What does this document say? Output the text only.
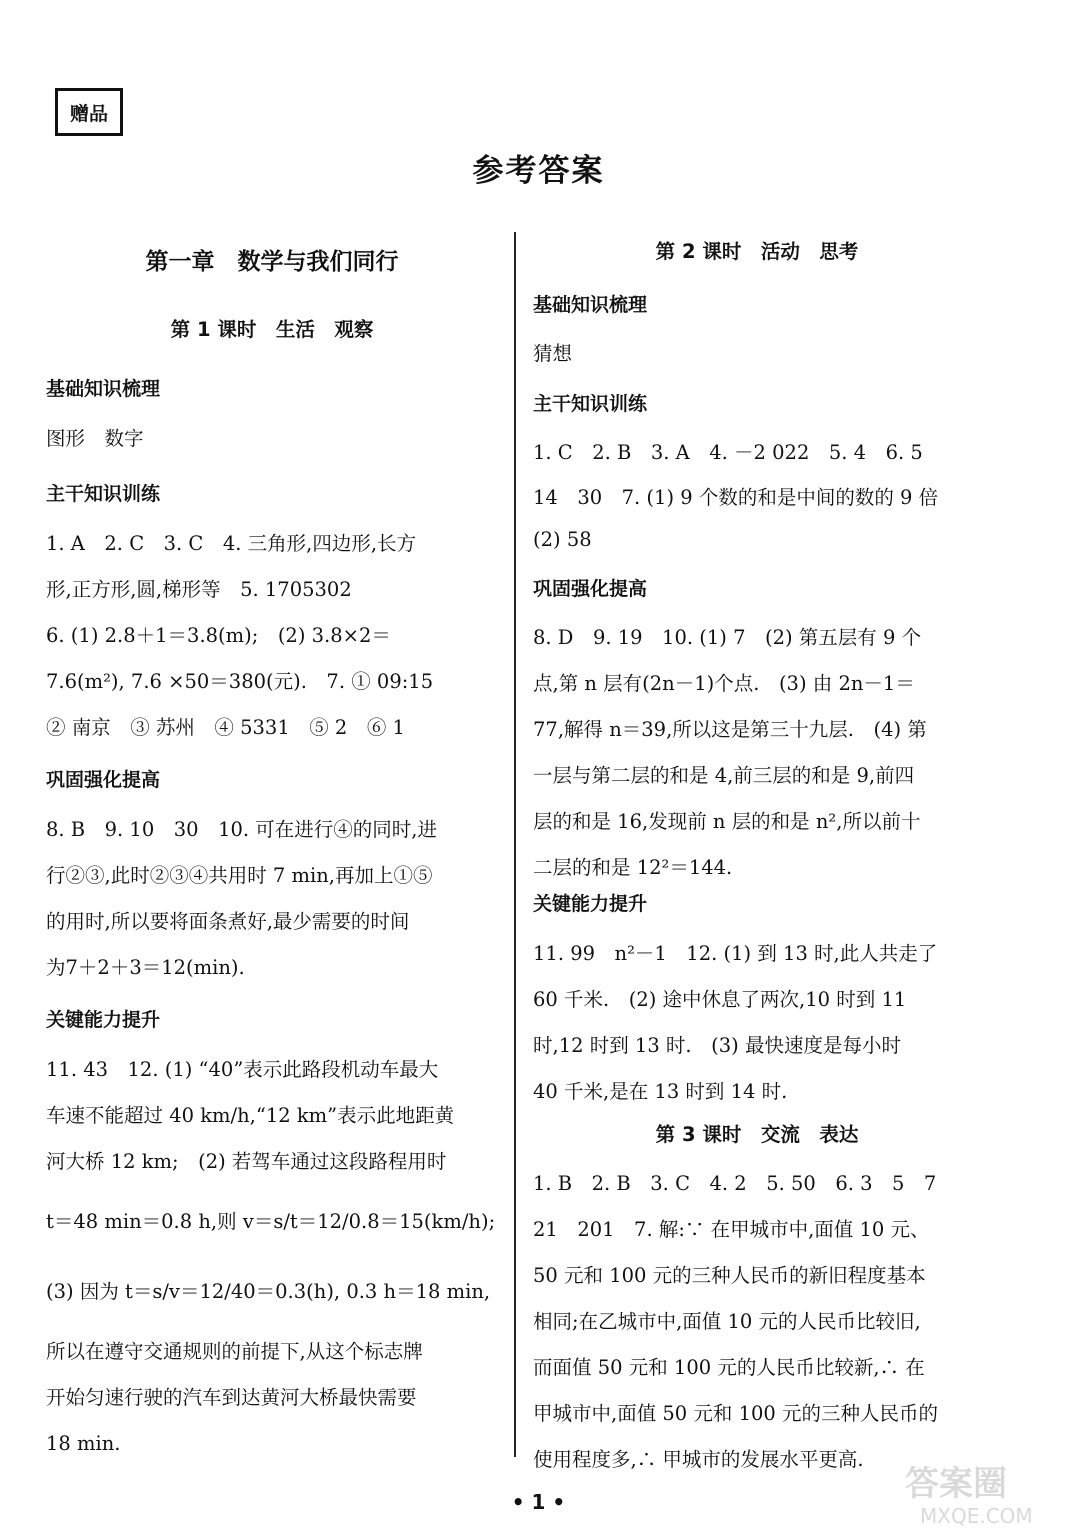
赠品
参考答案
第一章　数学与我们同行
第 1 课时　生活　观察
基础知识梳理
图形　数字
主干知识训练
1. A　2. C　3. C　4. 三角形,四边形,长方
形,正方形,圆,梯形等　5. 1705302
6. (1) 2.8＋1＝3.8(m);　(2) 3.8×2＝
7.6(m²), 7.6 ×50＝380(元).　7. ① 09:15
② 南京　③ 苏州　④ 5331　⑤ 2　⑥ 1
巩固强化提高
8. B　9. 10　30　10. 可在进行④的同时,进
行②③,此时②③④共用时 7 min,再加上①⑤
的用时,所以要将面条煮好,最少需要的时间
为7＋2＋3＝12(min).
关键能力提升
11. 43　12. (1) “40”表示此路段机动车最大
车速不能超过 40 km/h,“12 km”表示此地距黄
河大桥 12 km;　(2) 若驾车通过这段路程用时
t＝48 min＝0.8 h,则 v＝s/t＝12/0.8＝15(km/h);
(3) 因为 t＝s/v＝12/40＝0.3(h), 0.3 h＝18 min,
所以在遵守交通规则的前提下,从这个标志牌
开始匀速行驶的汽车到达黄河大桥最快需要
18 min.
第 2 课时　活动　思考
基础知识梳理
猜想
主干知识训练
1. C　2. B　3. A　4. －2 022　5. 4　6. 5
14　30　7. (1) 9 个数的和是中间的数的 9 倍
(2) 58
巩固强化提高
8. D　9. 19　10. (1) 7　(2) 第五层有 9 个
点,第 n 层有(2n－1)个点.　(3) 由 2n－1＝
77,解得 n＝39,所以这是第三十九层.　(4) 第
一层与第二层的和是 4,前三层的和是 9,前四
层的和是 16,发现前 n 层的和是 n²,所以前十
二层的和是 12²＝144.
关键能力提升
11. 99　n²－1　12. (1) 到 13 时,此人共走了
60 千米.　(2) 途中休息了两次,10 时到 11
时,12 时到 13 时.　(3) 最快速度是每小时
40 千米,是在 13 时到 14 时.
第 3 课时　交流　表达
1. B　2. B　3. C　4. 2　5. 50　6. 3　5　7
21　201　7. 解:∵ 在甲城市中,面值 10 元、
50 元和 100 元的三种人民币的新旧程度基本
相同;在乙城市中,面值 10 元的人民币比较旧,
而面值 50 元和 100 元的人民币比较新,∴ 在
甲城市中,面值 50 元和 100 元的三种人民币的
使用程度多,∴ 甲城市的发展水平更高.
• 1 •	答案圈
MXQE.COM
